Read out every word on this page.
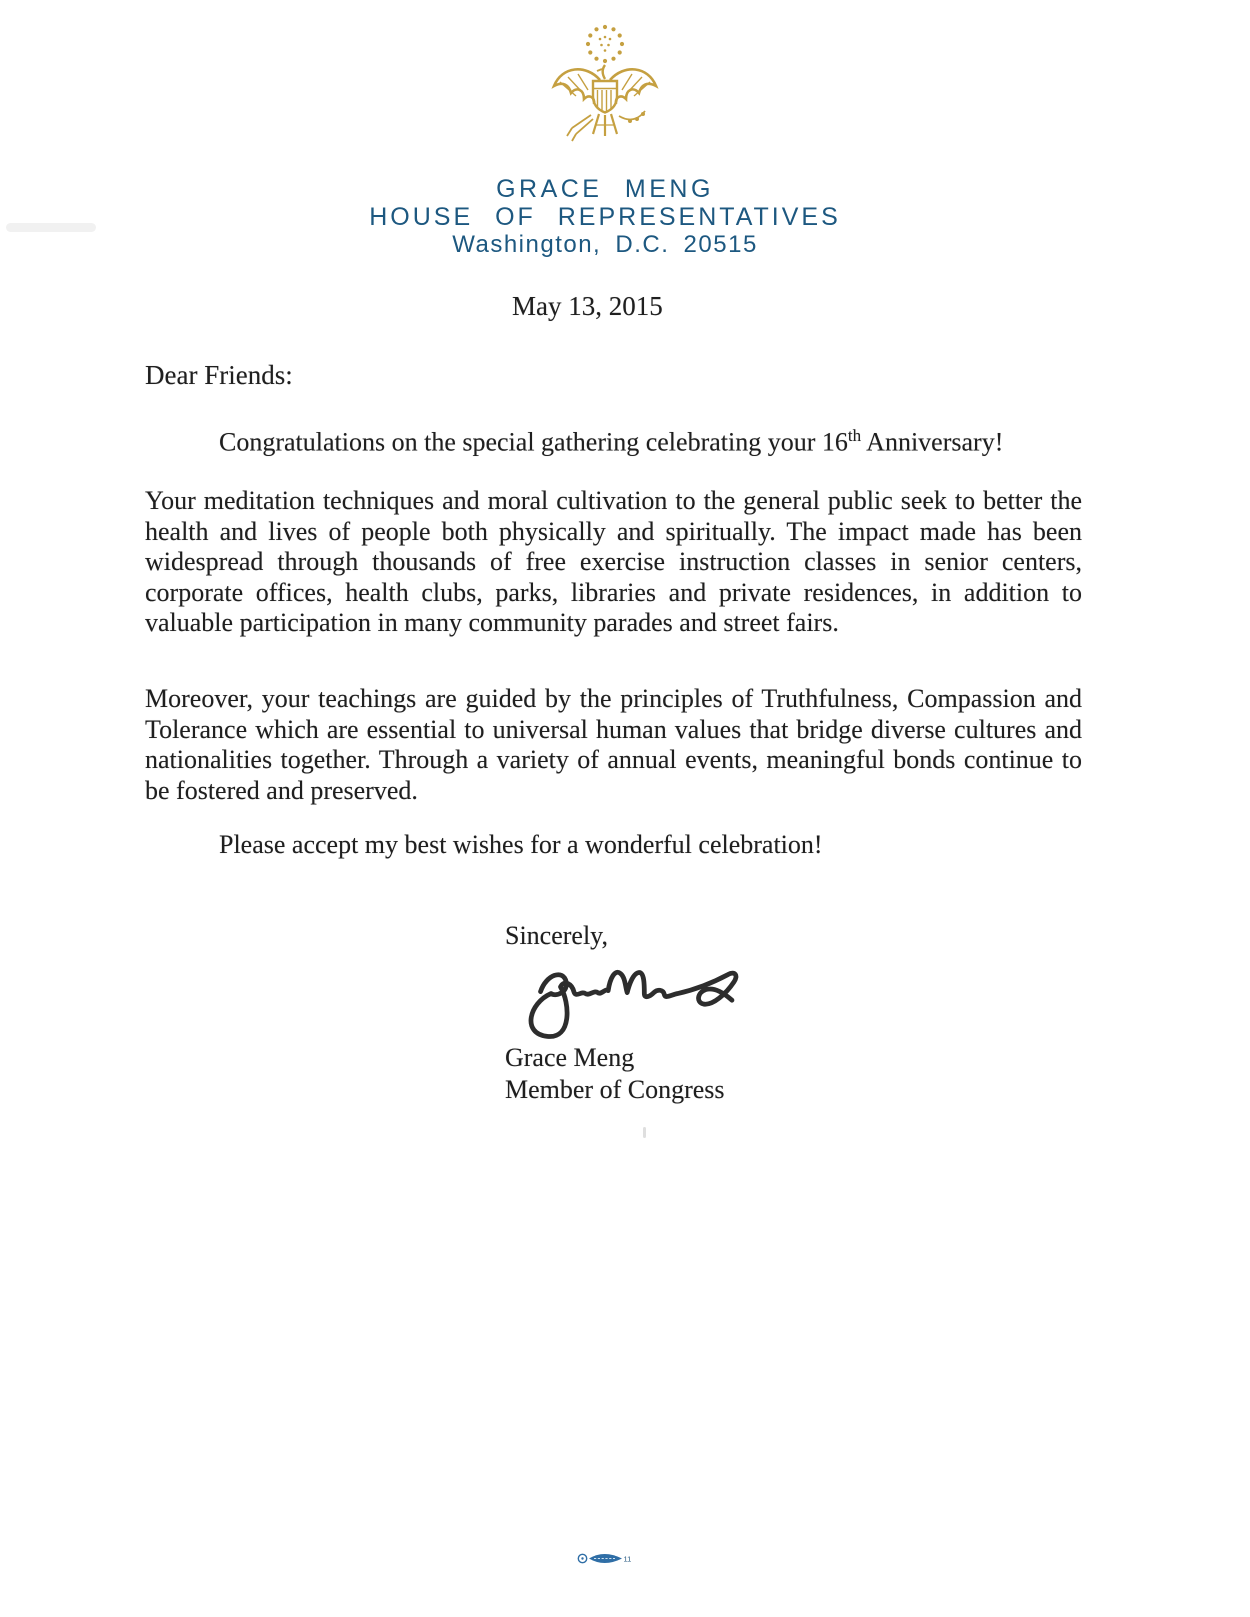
GRACE MENG
HOUSE OF REPRESENTATIVES
Washington, D.C. 20515
May 13, 2015
Dear Friends:
Congratulations on the special gathering celebrating your 16th Anniversary!
Your meditation techniques and moral cultivation to the general public seek to better the health and lives of people both physically and spiritually. The impact made has been widespread through thousands of free exercise instruction classes in senior centers, corporate offices, health clubs, parks, libraries and private residences, in addition to valuable participation in many community parades and street fairs.
Moreover, your teachings are guided by the principles of Truthfulness, Compassion and Tolerance which are essential to universal human values that bridge diverse cultures and nationalities together. Through a variety of annual events, meaningful bonds continue to be fostered and preserved.
Please accept my best wishes for a wonderful celebration!
Sincerely,
Grace Meng
Member of Congress
11
